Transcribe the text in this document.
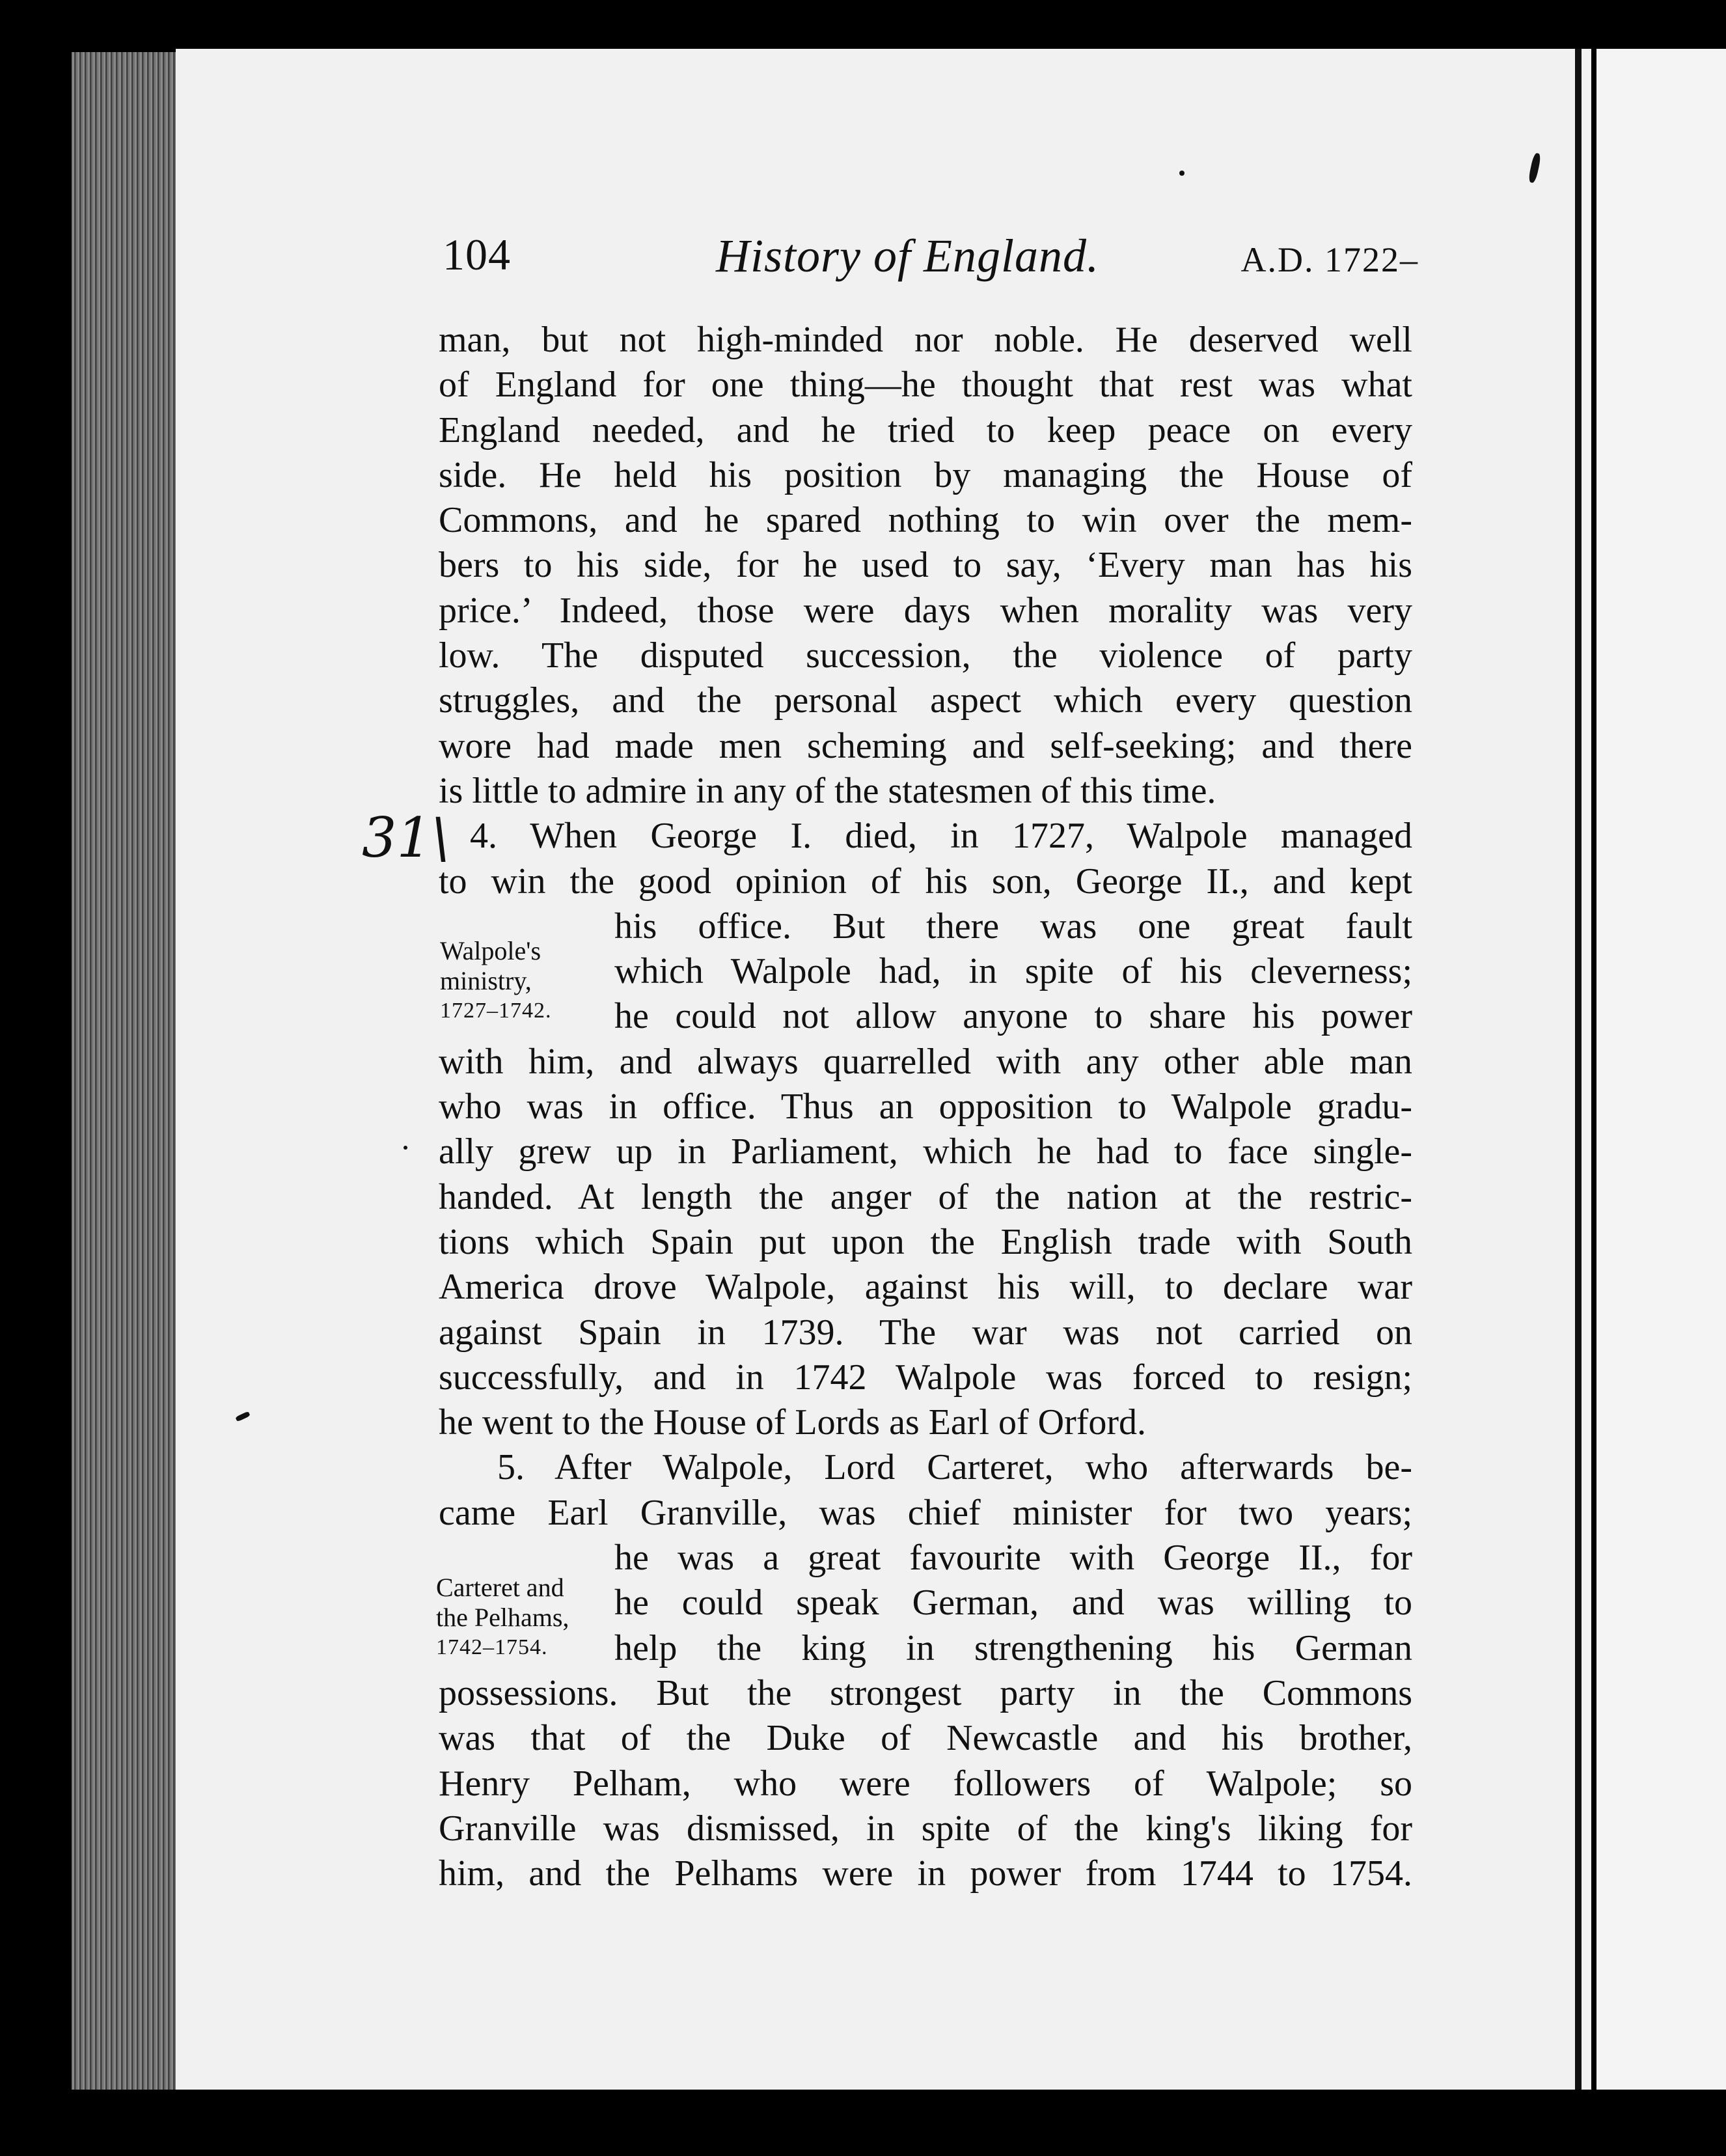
104	History of England.	A.D. 1722–
31\
Walpole's
ministry,
1727–1742.
Carteret and
the Pelhams,
1742–1754.
man, but not high-minded nor noble. He deserved well
of England for one thing—he thought that rest was what
England needed, and he tried to keep peace on every
side. He held his position by managing the House of
Commons, and he spared nothing to win over the mem-
bers to his side, for he used to say, ‘Every man has his
price.’ Indeed, those were days when morality was very
low. The disputed succession, the violence of party
struggles, and the personal aspect which every question
wore had made men scheming and self-seeking; and there
is little to admire in any of the statesmen of this time.
4. When George I. died, in 1727, Walpole managed
to win the good opinion of his son, George II., and kept
his office. But there was one great fault
which Walpole had, in spite of his cleverness;
he could not allow anyone to share his power
with him, and always quarrelled with any other able man
who was in office. Thus an opposition to Walpole gradu-
ally grew up in Parliament, which he had to face single-
handed. At length the anger of the nation at the restric-
tions which Spain put upon the English trade with South
America drove Walpole, against his will, to declare war
against Spain in 1739. The war was not carried on
successfully, and in 1742 Walpole was forced to resign;
he went to the House of Lords as Earl of Orford.
5. After Walpole, Lord Carteret, who afterwards be-
came Earl Granville, was chief minister for two years;
he was a great favourite with George II., for
he could speak German, and was willing to
help the king in strengthening his German
possessions. But the strongest party in the Commons
was that of the Duke of Newcastle and his brother,
Henry Pelham, who were followers of Walpole; so
Granville was dismissed, in spite of the king's liking for
him, and the Pelhams were in power from 1744 to 1754.
